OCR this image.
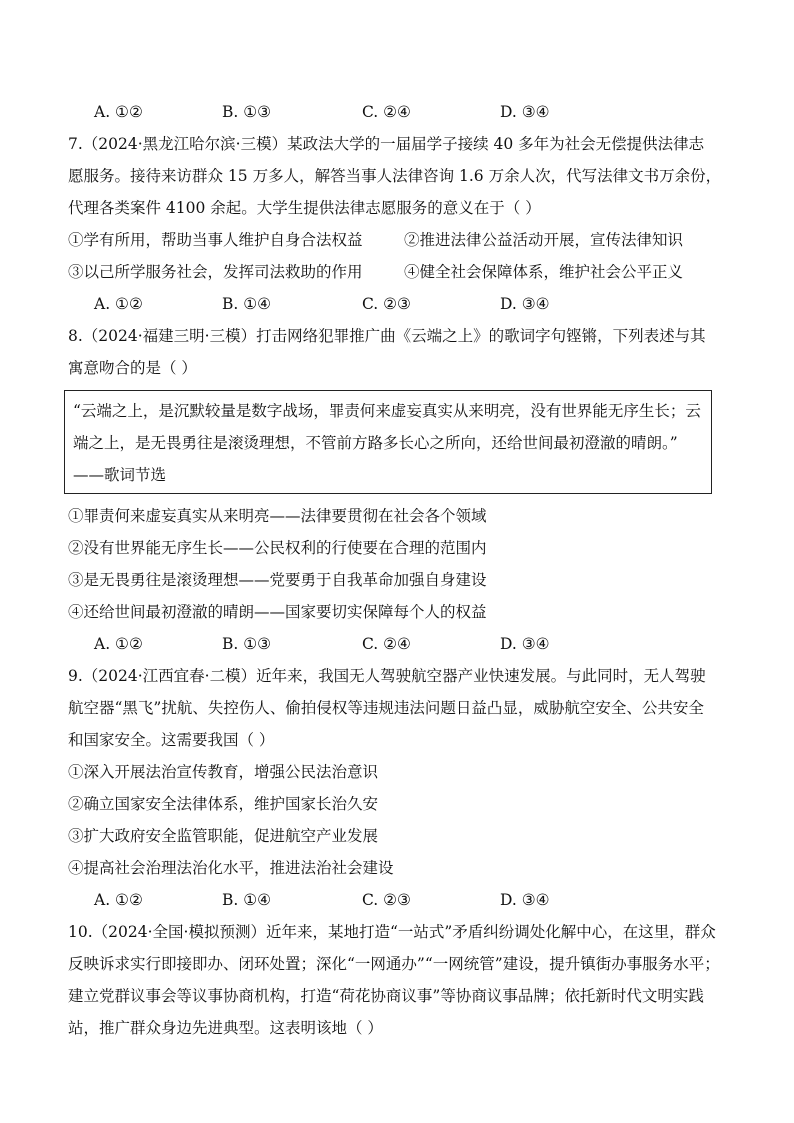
A. ①②	B. ①③	C. ②④	D. ③④

7.（2024·黑龙江哈尔滨·三模）某政法大学的一届届学子接续 40 多年为社会无偿提供法律志

愿服务。接待来访群众 15 万多人，解答当事人法律咨询 1.6 万余人次，代写法律文书万余份，

代理各类案件 4100 余起。大学生提供法律志愿服务的意义在于（ ）

①学有所用，帮助当事人维护自身合法权益	②推进法律公益活动开展，宣传法律知识
③以己所学服务社会，发挥司法救助的作用	④健全社会保障体系，维护社会公平正义
A. ①②	B. ①④	C. ②③	D. ③④

8.（2024·福建三明·三模）打击网络犯罪推广曲《云端之上》的歌词字句铿锵，下列表述与其

寓意吻合的是（ ）

“云端之上，是沉默较量是数字战场，罪责何来虚妄真实从来明亮，没有世界能无序生长；云

端之上，是无畏勇往是滚烫理想，不管前方路多长心之所向，还给世间最初澄澈的晴朗。”

——歌词节选

①罪责何来虚妄真实从来明亮——法律要贯彻在社会各个领域

②没有世界能无序生长——公民权利的行使要在合理的范围内

③是无畏勇往是滚烫理想——党要勇于自我革命加强自身建设

④还给世间最初澄澈的晴朗——国家要切实保障每个人的权益

A. ①②	B. ①③	C. ②④	D. ③④

9.（2024·江西宜春·二模）近年来，我国无人驾驶航空器产业快速发展。与此同时，无人驾驶

航空器“黑飞”扰航、失控伤人、偷拍侵权等违规违法问题日益凸显，威胁航空安全、公共安全

和国家安全。这需要我国（ ）

①深入开展法治宣传教育，增强公民法治意识

②确立国家安全法律体系，维护国家长治久安

③扩大政府安全监管职能，促进航空产业发展

④提高社会治理法治化水平，推进法治社会建设

A. ①②	B. ①④	C. ②③	D. ③④

10.（2024·全国·模拟预测）近年来，某地打造“一站式”矛盾纠纷调处化解中心，在这里，群众

反映诉求实行即接即办、闭环处置；深化“一网通办”“一网统管”建设，提升镇街办事服务水平；

建立党群议事会等议事协商机构，打造“荷花协商议事”等协商议事品牌；依托新时代文明实践

站，推广群众身边先进典型。这表明该地（ ）
